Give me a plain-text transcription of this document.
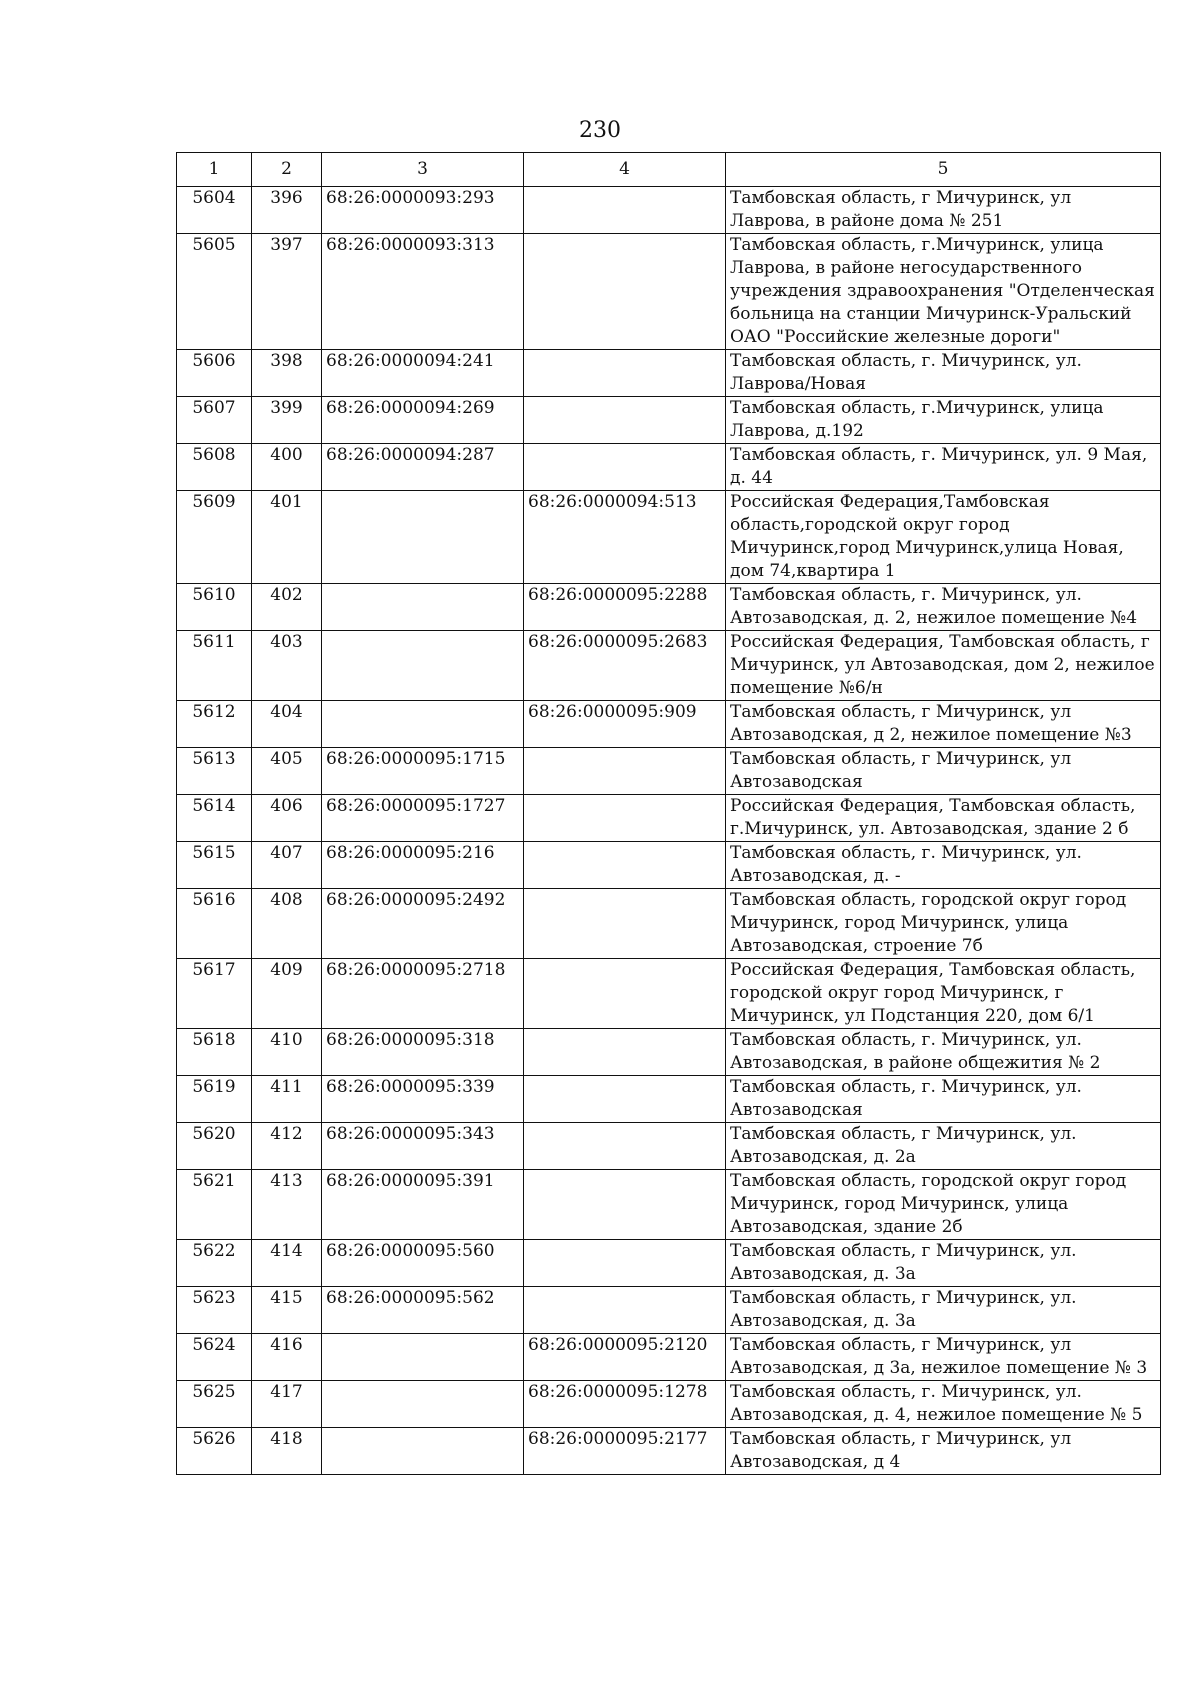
230
1	2	3	4	5
5604	396	68:26:0000093:293		Тамбовская область, г Мичуринск, ул Лаврова, в районе дома № 251
5605	397	68:26:0000093:313		Тамбовская область, г.Мичуринск, улица Лаврова, в районе негосударственного учреждения здравоохранения "Отделенческая больница на станции Мичуринск-Уральский ОАО "Российские железные дороги"
5606	398	68:26:0000094:241		Тамбовская область, г. Мичуринск, ул. Лаврова/Новая
5607	399	68:26:0000094:269		Тамбовская область, г.Мичуринск, улица Лаврова, д.192
5608	400	68:26:0000094:287		Тамбовская область, г. Мичуринск, ул. 9 Мая, д. 44
5609	401		68:26:0000094:513	Российская Федерация,Тамбовская область,городской округ город Мичуринск,город Мичуринск,улица Новая, дом 74,квартира 1
5610	402		68:26:0000095:2288	Тамбовская область, г. Мичуринск, ул. Автозаводская, д. 2, нежилое помещение №4
5611	403		68:26:0000095:2683	Российская Федерация, Тамбовская область, г Мичуринск, ул Автозаводская, дом 2, нежилое помещение №6/н
5612	404		68:26:0000095:909	Тамбовская область, г Мичуринск, ул Автозаводская, д 2, нежилое помещение №3
5613	405	68:26:0000095:1715		Тамбовская область, г Мичуринск, ул Автозаводская
5614	406	68:26:0000095:1727		Российская Федерация, Тамбовская область, г.Мичуринск, ул. Автозаводская, здание 2 б
5615	407	68:26:0000095:216		Тамбовская область, г. Мичуринск, ул. Автозаводская, д. -
5616	408	68:26:0000095:2492		Тамбовская область, городской округ город Мичуринск, город Мичуринск, улица Автозаводская, строение 7б
5617	409	68:26:0000095:2718		Российская Федерация, Тамбовская область, городской округ город Мичуринск, г Мичуринск, ул Подстанция 220, дом 6/1
5618	410	68:26:0000095:318		Тамбовская область, г. Мичуринск, ул. Автозаводская, в районе общежития № 2
5619	411	68:26:0000095:339		Тамбовская область, г. Мичуринск, ул. Автозаводская
5620	412	68:26:0000095:343		Тамбовская область, г Мичуринск, ул. Автозаводская, д. 2а
5621	413	68:26:0000095:391		Тамбовская область, городской округ город Мичуринск, город Мичуринск, улица Автозаводская, здание 2б
5622	414	68:26:0000095:560		Тамбовская область, г Мичуринск, ул. Автозаводская, д. 3а
5623	415	68:26:0000095:562		Тамбовская область, г Мичуринск, ул. Автозаводская, д. 3а
5624	416		68:26:0000095:2120	Тамбовская область, г Мичуринск, ул Автозаводская, д 3а, нежилое помещение № 3
5625	417		68:26:0000095:1278	Тамбовская область, г. Мичуринск, ул. Автозаводская, д. 4, нежилое помещение № 5
5626	418		68:26:0000095:2177	Тамбовская область, г Мичуринск, ул Автозаводская, д 4
